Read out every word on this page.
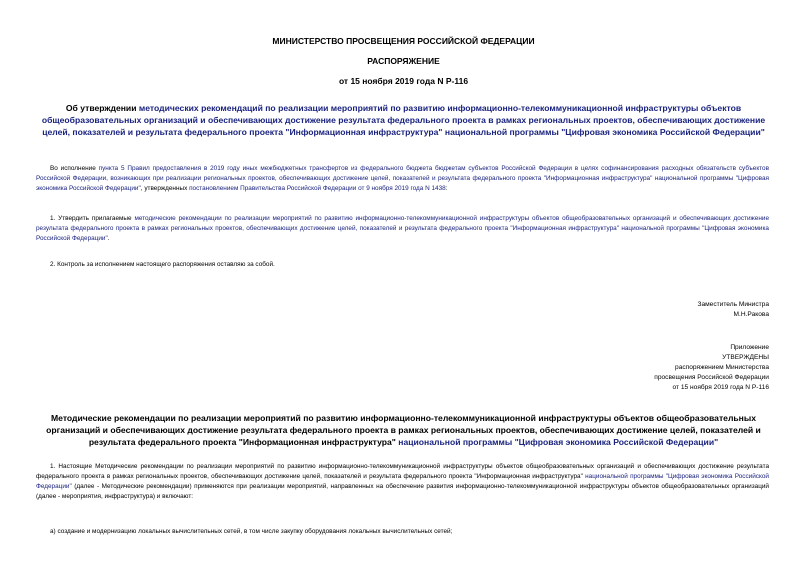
МИНИСТЕРСТВО ПРОСВЕЩЕНИЯ РОССИЙСКОЙ ФЕДЕРАЦИИ
РАСПОРЯЖЕНИЕ
от 15 ноября 2019 года N Р-116
Об утверждении методических рекомендаций по реализации мероприятий по развитию информационно-телекоммуникационной инфраструктуры объектов общеобразовательных организаций и обеспечивающих достижение результата федерального проекта в рамках региональных проектов, обеспечивающих достижение целей, показателей и результата федерального проекта "Информационная инфраструктура" национальной программы "Цифровая экономика Российской Федерации"
Во исполнение пункта 5 Правил предоставления в 2019 году иных межбюджетных трансфертов из федерального бюджета бюджетам субъектов Российской Федерации в целях софинансирования расходных обязательств субъектов Российской Федерации, возникающих при реализации региональных проектов, обеспечивающих достижение целей, показателей и результата федерального проекта "Информационная инфраструктура" национальной программы "Цифровая экономика Российской Федерации", утвержденных постановлением Правительства Российской Федерации от 9 ноября 2019 года N 1438:
1. Утвердить прилагаемые методические рекомендации по реализации мероприятий по развитию информационно-телекоммуникационной инфраструктуры объектов общеобразовательных организаций и обеспечивающих достижение результата федерального проекта в рамках региональных проектов, обеспечивающих достижение целей, показателей и результата федерального проекта "Информационная инфраструктура" национальной программы "Цифровая экономика Российской Федерации".
2. Контроль за исполнением настоящего распоряжения оставляю за собой.
Заместитель Министра
М.Н.Ракова
Приложение
УТВЕРЖДЕНЫ
распоряжением Министерства
просвещения Российской Федерации
от 15 ноября 2019 года N Р-116
Методические рекомендации по реализации мероприятий по развитию информационно-телекоммуникационной инфраструктуры объектов общеобразовательных организаций и обеспечивающих достижение результата федерального проекта в рамках региональных проектов, обеспечивающих достижение целей, показателей и результата федерального проекта "Информационная инфраструктура" национальной программы "Цифровая экономика Российской Федерации"
1. Настоящие Методические рекомендации по реализации мероприятий по развитию информационно-телекоммуникационной инфраструктуры объектов общеобразовательных организаций и обеспечивающих достижение результата федерального проекта в рамках региональных проектов, обеспечивающих достижение целей, показателей и результата федерального проекта "Информационная инфраструктура" национальной программы "Цифровая экономика Российской Федерации" (далее - Методические рекомендации) применяются при реализации мероприятий, направленных на обеспечение развития информационно-телекоммуникационной инфраструктуры объектов общеобразовательных организаций (далее - мероприятия, инфраструктура) и включают:
а) создание и модернизацию локальных вычислительных сетей, в том числе закупку оборудования локальных вычислительных сетей;
